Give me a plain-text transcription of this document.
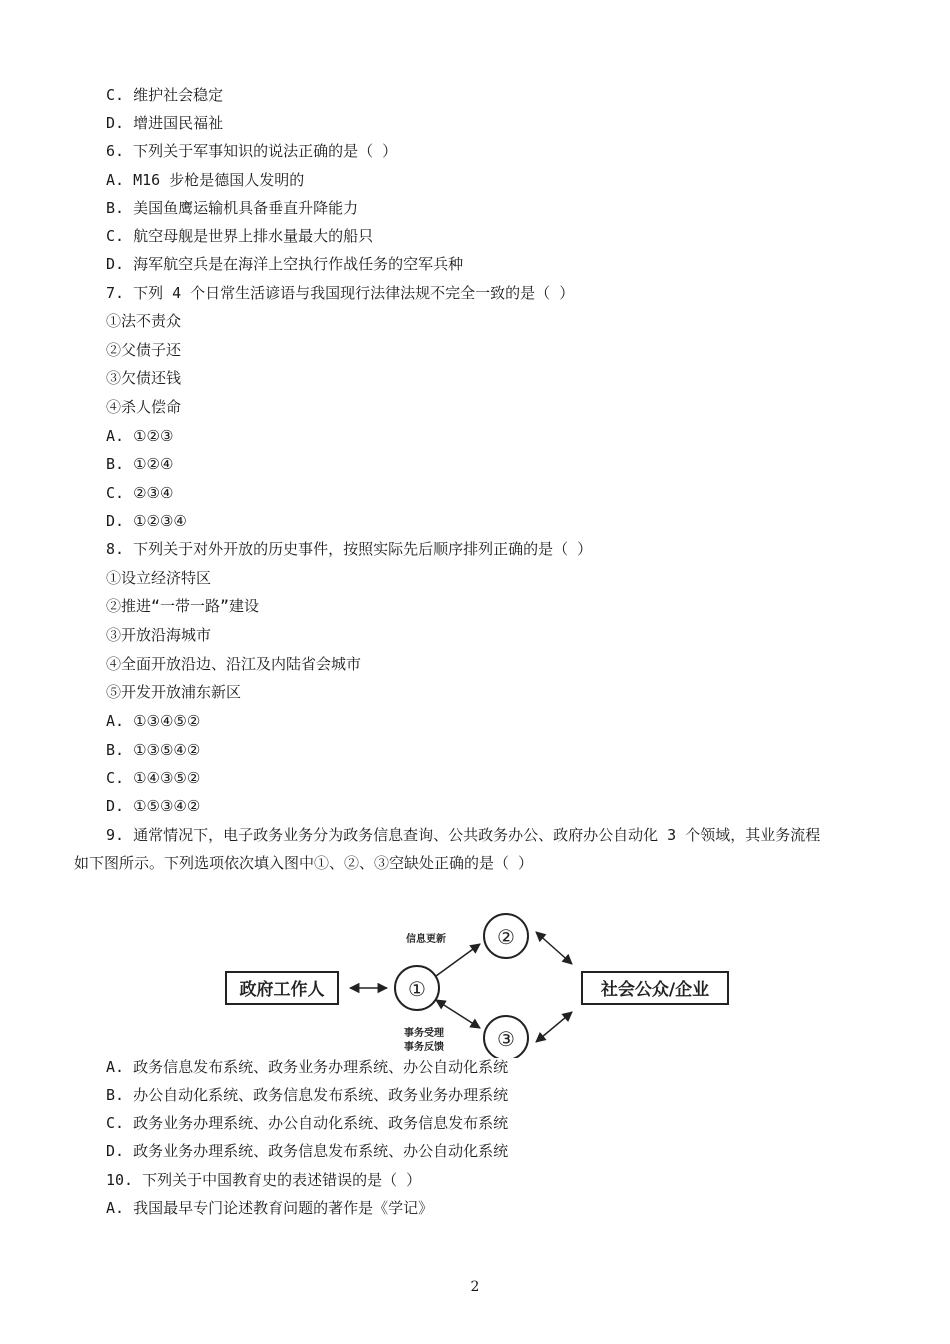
C. 维护社会稳定
D. 增进国民福祉
6. 下列关于军事知识的说法正确的是（ ）
A. M16 步枪是德国人发明的
B. 美国鱼鹰运输机具备垂直升降能力
C. 航空母舰是世界上排水量最大的船只
D. 海军航空兵是在海洋上空执行作战任务的空军兵种
7. 下列 4 个日常生活谚语与我国现行法律法规不完全一致的是（ ）
①法不责众
②父债子还
③欠债还钱
④杀人偿命
A. ①②③
B. ①②④
C. ②③④
D. ①②③④
8. 下列关于对外开放的历史事件，按照实际先后顺序排列正确的是（ ）
①设立经济特区
②推进“一带一路”建设
③开放沿海城市
④全面开放沿边、沿江及内陆省会城市
⑤开发开放浦东新区
A. ①③④⑤②
B. ①③⑤④②
C. ①④③⑤②
D. ①⑤③④②
9. 通常情况下，电子政务业务分为政务信息查询、公共政务办公、政府办公自动化 3 个领域，其业务流程
如下图所示。下列选项依次填入图中①、②、③空缺处正确的是（ ）
政府工作人	①
②
③
社会公众/企业
信息更新
事务受理
事务反馈
A. 政务信息发布系统、政务业务办理系统、办公自动化系统
B. 办公自动化系统、政务信息发布系统、政务业务办理系统
C. 政务业务办理系统、办公自动化系统、政务信息发布系统
D. 政务业务办理系统、政务信息发布系统、办公自动化系统
10. 下列关于中国教育史的表述错误的是（ ）
A. 我国最早专门论述教育问题的著作是《学记》
2
